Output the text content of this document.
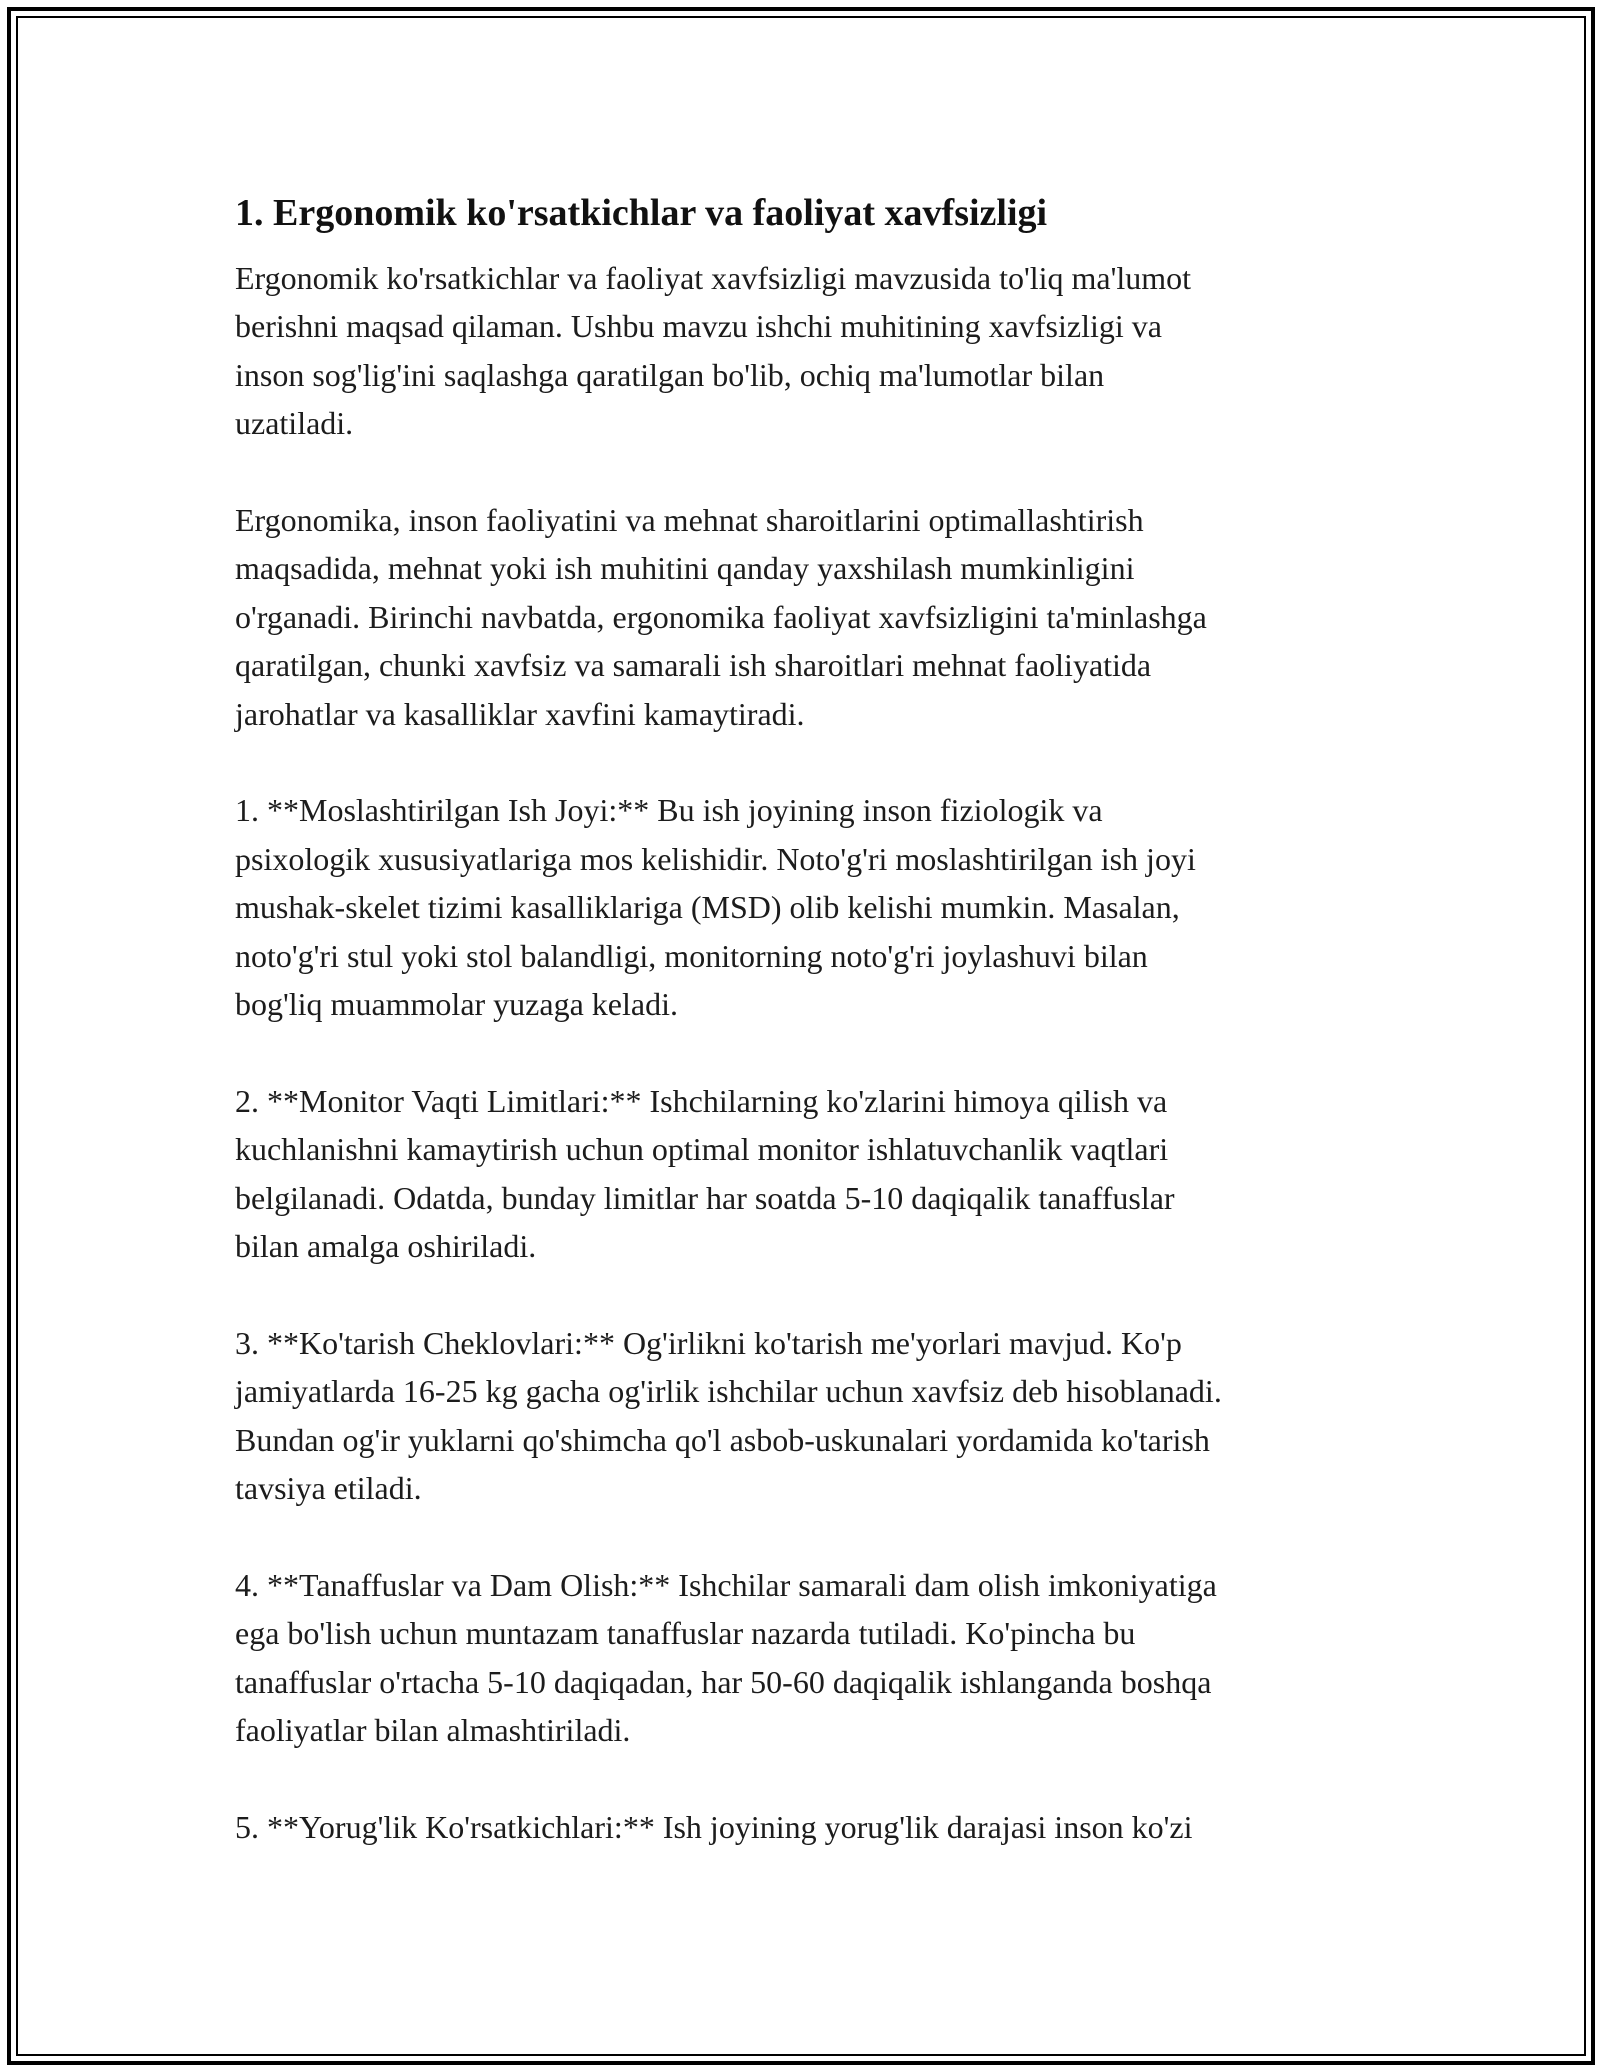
1. Ergonomik ko'rsatkichlar va faoliyat xavfsizligi

Ergonomik ko'rsatkichlar va faoliyat xavfsizligi mavzusida to'liq ma'lumot
berishni maqsad qilaman. Ushbu mavzu ishchi muhitining xavfsizligi va
inson sog'lig'ini saqlashga qaratilgan bo'lib, ochiq ma'lumotlar bilan
uzatiladi.

Ergonomika, inson faoliyatini va mehnat sharoitlarini optimallashtirish
maqsadida, mehnat yoki ish muhitini qanday yaxshilash mumkinligini
o'rganadi. Birinchi navbatda, ergonomika faoliyat xavfsizligini ta'minlashga
qaratilgan, chunki xavfsiz va samarali ish sharoitlari mehnat faoliyatida
jarohatlar va kasalliklar xavfini kamaytiradi.

1. **Moslashtirilgan Ish Joyi:** Bu ish joyining inson fiziologik va
psixologik xususiyatlariga mos kelishidir. Noto'g'ri moslashtirilgan ish joyi
mushak-skelet tizimi kasalliklariga (MSD) olib kelishi mumkin. Masalan,
noto'g'ri stul yoki stol balandligi, monitorning noto'g'ri joylashuvi bilan
bog'liq muammolar yuzaga keladi.

2. **Monitor Vaqti Limitlari:** Ishchilarning ko'zlarini himoya qilish va
kuchlanishni kamaytirish uchun optimal monitor ishlatuvchanlik vaqtlari
belgilanadi. Odatda, bunday limitlar har soatda 5-10 daqiqalik tanaffuslar
bilan amalga oshiriladi.

3. **Ko'tarish Cheklovlari:** Og'irlikni ko'tarish me'yorlari mavjud. Ko'p
jamiyatlarda 16-25 kg gacha og'irlik ishchilar uchun xavfsiz deb hisoblanadi.
Bundan og'ir yuklarni qo'shimcha qo'l asbob-uskunalari yordamida ko'tarish
tavsiya etiladi.

4. **Tanaffuslar va Dam Olish:** Ishchilar samarali dam olish imkoniyatiga
ega bo'lish uchun muntazam tanaffuslar nazarda tutiladi. Ko'pincha bu
tanaffuslar o'rtacha 5-10 daqiqadan, har 50-60 daqiqalik ishlanganda boshqa
faoliyatlar bilan almashtiriladi.

5. **Yorug'lik Ko'rsatkichlari:** Ish joyining yorug'lik darajasi inson ko'zi
